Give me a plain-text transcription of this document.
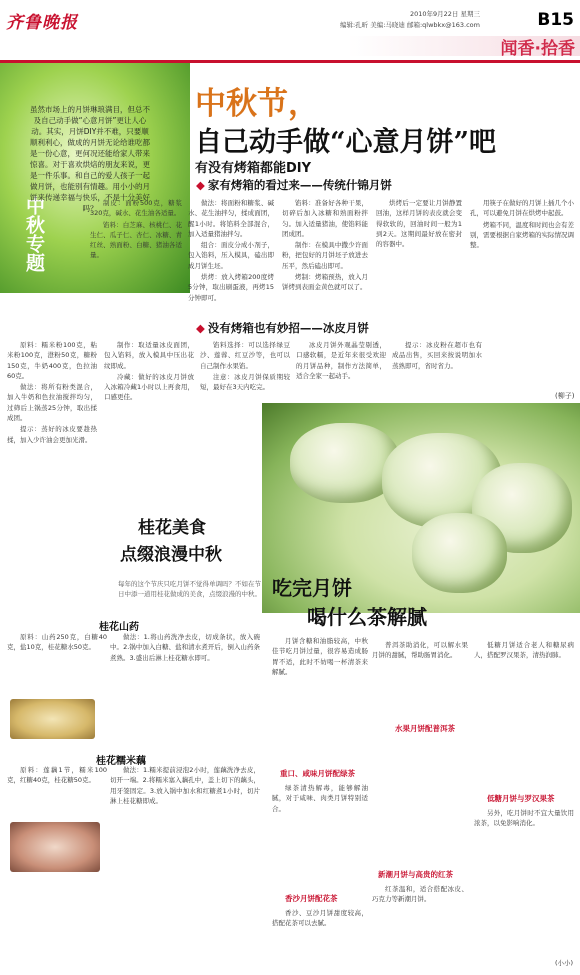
齐鲁晚报	2010年9月22日 星期三
编辑:孔昕 美编:马晓迪 邮箱:qlwbkx@163.com	B15
闻香·拾香
中秋专题
虽然市场上的月饼琳琅满目，但总不及自己动手做“心意月饼”更让人心动。其实，月饼DIY并不难，只要顺顺利利心，做成的月饼无论给谁吃都是一份心意，更何况还能给家人带来惊喜。对于喜欢烘焙的朋友来说，更是一件乐事。和自己的爱人孩子一起做月饼，也能别有情趣。用小小的月饼来传递幸福与快乐，不是十分美好吗？
中秋节，
自己动手做“心意月饼”吧
有没有烤箱都能DIY
◆ 家有烤箱的看过来——传统什锦月饼

制皮：面粉500克，糖浆320克，碱水、花生油各适量。

馅料：白芝麻、核桃仁、花生仁、瓜子仁、杏仁、冰糖、青红丝、熟面粉、白糖、猪油各适量。

做法：将面粉和糖浆、碱水、花生油拌匀，揉成面团，醒1小时。将馅料全部混合，加入适量猪油拌匀。

组合：面皮分成小剂子，包入馅料，压入模具，磕出即成月饼生坯。

烘烤：放入烤箱200度烤5分钟，取出刷蛋液，再烤15分钟即可。

馅料：准备好各种干果，切碎后加入冰糖和熟面粉拌匀。加入适量猪油，使馅料能团成团。

制作：在模具中撒少许面粉，把包好的月饼坯子放进去压平，然后磕出即可。

烤制：烤箱预热，放入月饼烤到表面金黄色就可以了。

烘烤后一定要让月饼静置回油，这样月饼的表皮就会变得软软的，回油时间一般为1到2天。这期间最好放在密封的容器中。

用筷子在做好的月饼上插几个小孔，可以避免月饼在烘烤中起鼓。

烤箱不同，温度和时间也会有差别，需要根据自家烤箱的实际情况调整。

◆ 没有烤箱也有妙招——冰皮月饼

原料：糯米粉100克，粘米粉100克，澄粉50克，糖粉150克，牛奶400克，色拉油60克。

做法：将所有粉类混合，加入牛奶和色拉油搅拌均匀，过筛后上锅蒸25分钟，取出揉成团。

提示：蒸好的冰皮要趁热揉，加入少许油会更加光滑。

制作：取适量冰皮面团，包入馅料，放入模具中压出花纹即成。

冷藏：做好的冰皮月饼放入冰箱冷藏1小时以上再食用，口感更佳。

馅料选择：可以选择绿豆沙、莲蓉、红豆沙等，也可以自己制作水果馅。

注意：冰皮月饼保质期较短，最好在3天内吃完。

冰皮月饼外观晶莹剔透，口感软糯，是近年来很受欢迎的月饼品种，制作方法简单，适合全家一起动手。

提示：冰皮粉在超市也有成品出售，买回来按说明加水蒸熟即可，省时省力。

(柳子)
吃完月饼
喝什么茶解腻
桂花美食
点缀浪漫中秋
每年的这个节庆只吃月饼不觉得单调吗？不如在节日中添一道用桂花做成的美食，点缀浪漫的中秋。
桂花山药

原料：山药250克，白糖40克，盐10克，桂花糖水50克。

做法：1.将山药洗净去皮，切成条状，放入碗中。2.锅中加入白糖、盐和清水煮开后，倒入山药条煮熟。3.盛出后淋上桂花糖水即可。

桂花糯米藕

原料：莲藕1节，糯米100克，红糖40克，桂花糖50克。

做法：1.糯米提前浸泡2小时，莲藕洗净去皮，切开一端。2.将糯米塞入藕孔中，盖上切下的藕头，用牙签固定。3.放入锅中加水和红糖煮1小时，切片淋上桂花糖即成。

月饼含糖和油脂较高，中秋佳节吃月饼过量，很容易造成肠胃不适，此时不妨喝一杯清茶来解腻。

重口、咸味月饼配绿茶

绿茶清热解毒，能够解油腻，对于咸味、肉类月饼特别适合。

香沙月饼配花茶

香沙、豆沙月饼甜度较高，搭配花茶可以去腻。

水果月饼配普洱茶

普洱茶助消化，可以解水果月饼的甜腻，帮助肠胃消化。

新潮月饼与高贵的红茶

红茶温和，适合搭配冰皮、巧克力等新潮月饼。

低糖月饼与罗汉果茶

低糖月饼适合老人和糖尿病人，搭配罗汉果茶，清热润肺。

另外，吃月饼时不宜大量饮用浓茶，以免影响消化。

(小小)
